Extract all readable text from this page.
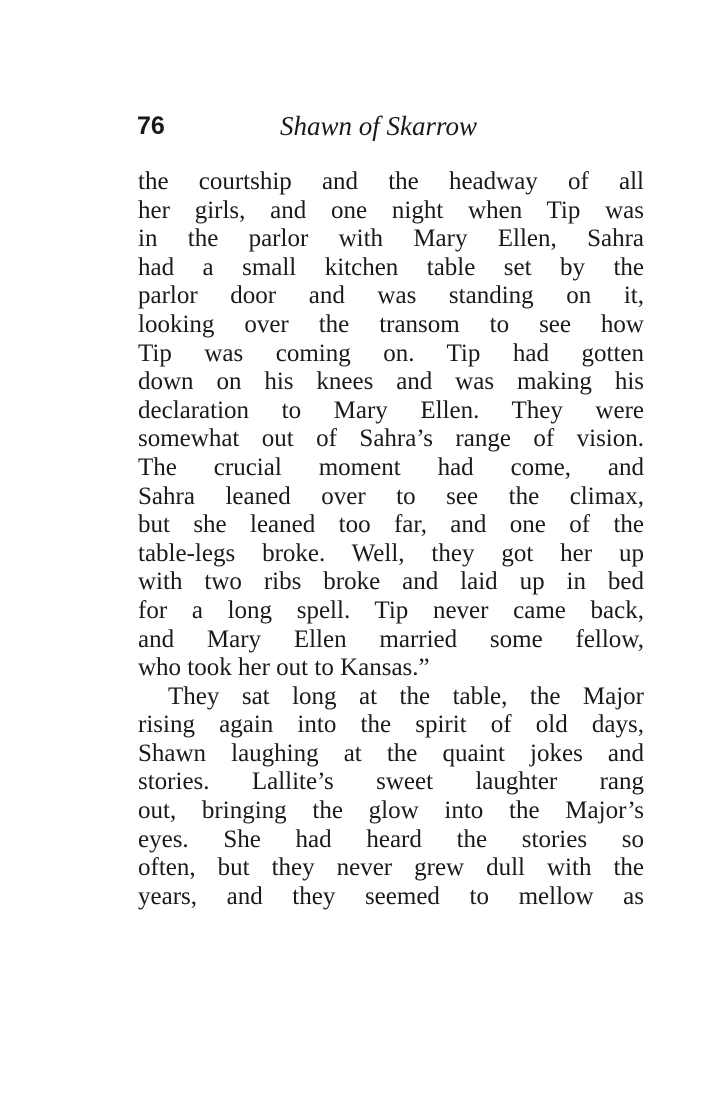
76	Shawn of Skarrow
the courtship and the headway of all
her girls, and one night when Tip was
in the parlor with Mary Ellen, Sahra
had a small kitchen table set by the
parlor door and was standing on it,
looking over the transom to see how
Tip was coming on. Tip had gotten
down on his knees and was making his
declaration to Mary Ellen. They were
somewhat out of Sahra’s range of vision.
The crucial moment had come, and
Sahra leaned over to see the climax,
but she leaned too far, and one of the
table-legs broke. Well, they got her up
with two ribs broke and laid up in bed
for a long spell. Tip never came back,
and Mary Ellen married some fellow,
who took her out to Kansas.”
They sat long at the table, the Major
rising again into the spirit of old days,
Shawn laughing at the quaint jokes and
stories. Lallite’s sweet laughter rang
out, bringing the glow into the Major’s
eyes. She had heard the stories so
often, but they never grew dull with the
years, and they seemed to mellow as
